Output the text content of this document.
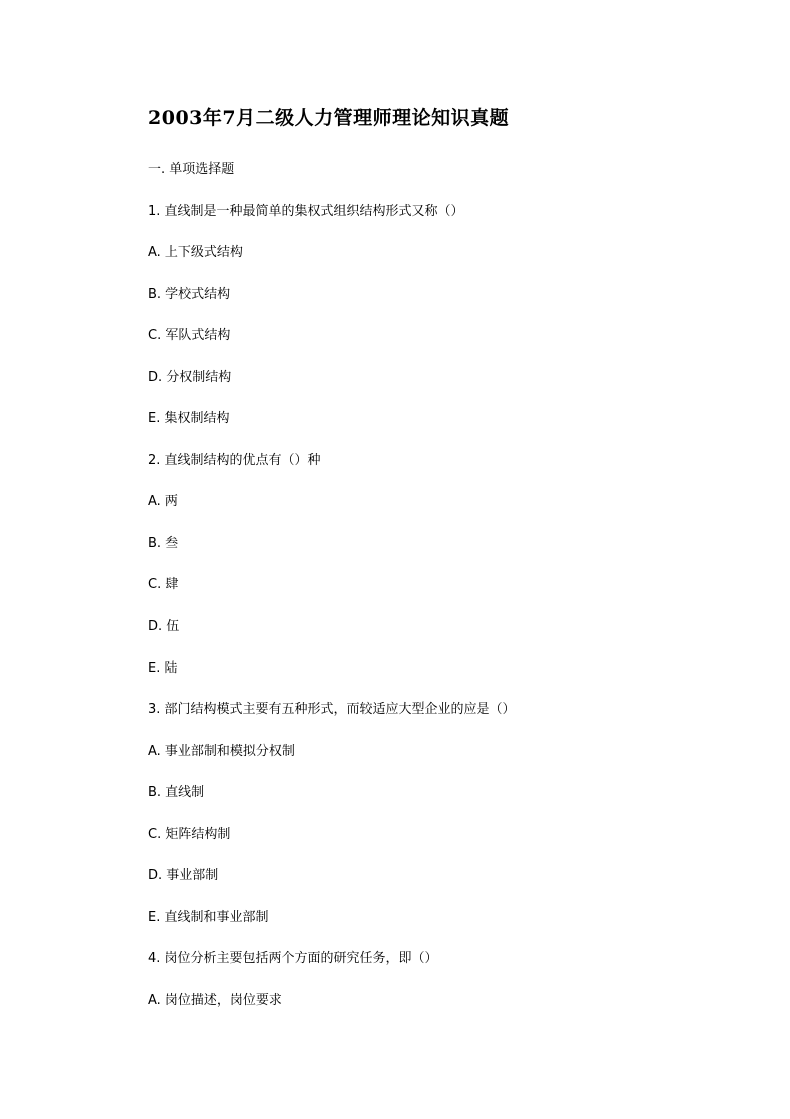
2003年7月二级人力管理师理论知识真题
一. 单项选择题
1. 直线制是一种最简单的集权式组织结构形式又称（）
A. 上下级式结构
B. 学校式结构
C. 军队式结构
D. 分权制结构
E. 集权制结构
2. 直线制结构的优点有（）种
A. 两
B. 叁
C. 肆
D. 伍
E. 陆
3. 部门结构模式主要有五种形式，而较适应大型企业的应是（）
A. 事业部制和模拟分权制
B. 直线制
C. 矩阵结构制
D. 事业部制
E. 直线制和事业部制
4. 岗位分析主要包括两个方面的研究任务，即（）
A. 岗位描述，岗位要求
